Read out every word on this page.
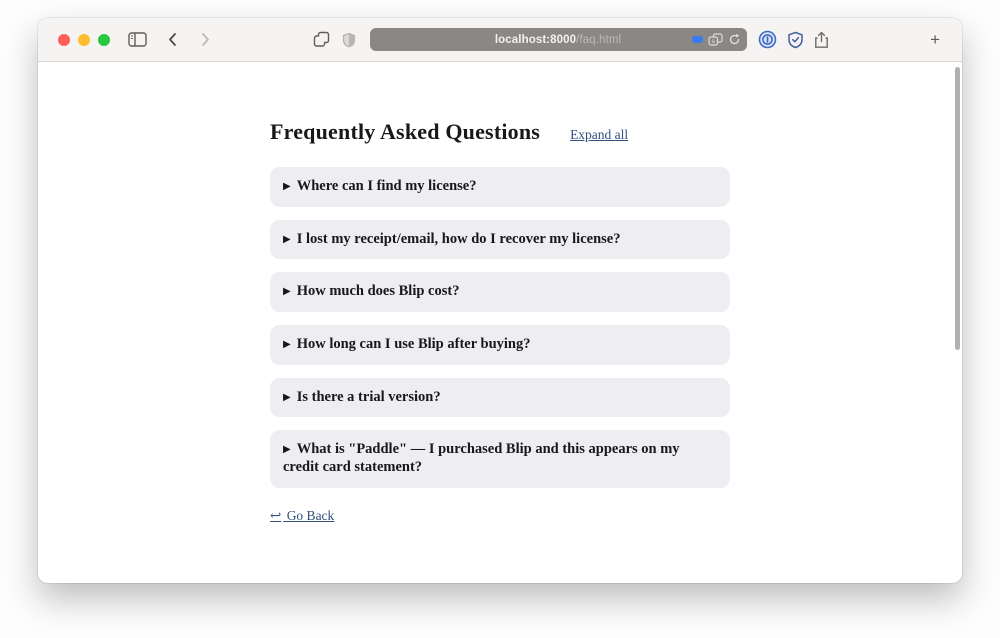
localhost:8000/faq.html	a	+
Frequently Asked Questions Expand all
▶ Where can I find my license?
▶ I lost my receipt/email, how do I recover my license?
▶ How much does Blip cost?
▶ How long can I use Blip after buying?
▶ Is there a trial version?
▶ What is "Paddle" — I purchased Blip and this appears on my credit card statement?
↩ Go Back
